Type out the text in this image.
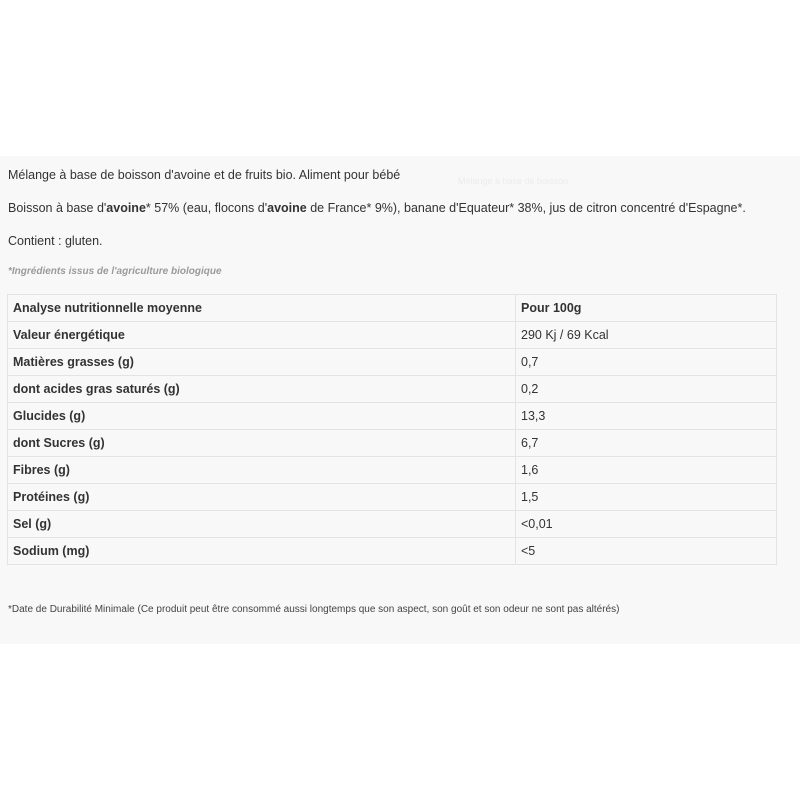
Mélange à base de boisson
Mélange à base de boisson d'avoine et de fruits bio. Aliment pour bébé
Boisson à base d'avoine* 57% (eau, flocons d'avoine de France* 9%), banane d'Equateur* 38%, jus de citron concentré d'Espagne*.
Contient : gluten.
*Ingrédients issus de l'agriculture biologique
Analyse nutritionnelle moyenne	Pour 100g
Valeur énergétique	290 Kj / 69 Kcal
Matières grasses (g)	0,7
dont acides gras saturés (g)	0,2
Glucides (g)	13,3
dont Sucres (g)	6,7
Fibres (g)	1,6
Protéines (g)	1,5
Sel (g)	<0,01
Sodium (mg)	<5
*Date de Durabilité Minimale (Ce produit peut être consommé aussi longtemps que son aspect, son goût et son odeur ne sont pas altérés)
